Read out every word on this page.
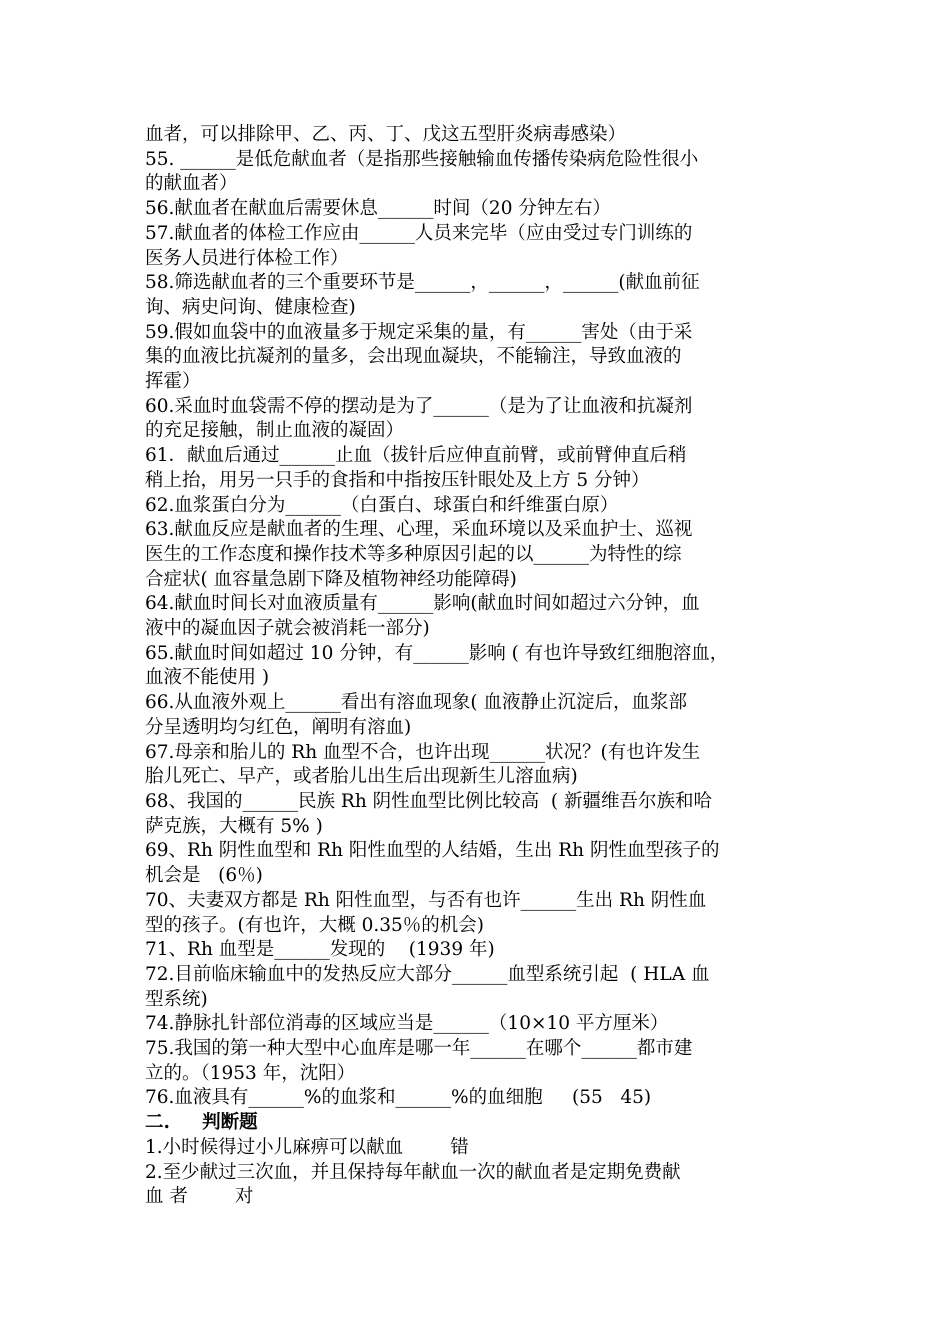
血者，可以排除甲、乙、丙、丁、戊这五型肝炎病毒感染）
55. ______是低危献血者（是指那些接触输血传播传染病危险性很小
的献血者）
56.献血者在献血后需要休息______时间（20 分钟左右）
57.献血者的体检工作应由______人员来完毕（应由受过专门训练的
医务人员进行体检工作）
58.筛选献血者的三个重要环节是______，______，______(献血前征
询、病史问询、健康检查)
59.假如血袋中的血液量多于规定采集的量，有______害处（由于采
集的血液比抗凝剂的量多，会出现血凝块，不能输注，导致血液的
挥霍）
60.采血时血袋需不停的摆动是为了______（是为了让血液和抗凝剂
的充足接触，制止血液的凝固）
61．献血后通过______止血（拔针后应伸直前臂，或前臂伸直后稍
稍上抬，用另一只手的食指和中指按压针眼处及上方 5 分钟）
62.血浆蛋白分为______（白蛋白、球蛋白和纤维蛋白原）
63.献血反应是献血者的生理、心理，采血环境以及采血护士、巡视
医生的工作态度和操作技术等多种原因引起的以______为特性的综
合症状( 血容量急剧下降及植物神经功能障碍)
64.献血时间长对血液质量有______影响(献血时间如超过六分钟，血
液中的凝血因子就会被消耗一部分)
65.献血时间如超过 10 分钟，有______影响 ( 有也许导致红细胞溶血，
血液不能使用 )
66.从血液外观上______看出有溶血现象( 血液静止沉淀后，血浆部
分呈透明均匀红色，阐明有溶血)
67.母亲和胎儿的 Rh 血型不合，也许出现______状况？(有也许发生
胎儿死亡、早产，或者胎儿出生后出现新生儿溶血病)
68、我国的______民族 Rh 阴性血型比例比较高  ( 新疆维吾尔族和哈
萨克族，大概有 5% )
69、Rh 阴性血型和 Rh 阳性血型的人结婚，生出 Rh 阴性血型孩子的
机会是   (6％)
70、夫妻双方都是 Rh 阳性血型，与否有也许______生出 Rh 阴性血
型的孩子。(有也许，大概 0.35％的机会)
71、Rh 血型是______发现的    (1939 年)
72.目前临床输血中的发热反应大部分______血型系统引起  ( HLA 血
型系统)
74.静脉扎针部位消毒的区域应当是______（10×10 平方厘米）
75.我国的第一种大型中心血库是哪一年______在哪个______都市建
立的。（1953 年，沈阳）
76.血液具有______%的血浆和______%的血细胞     (55   45)
二.     判断题
1.小时候得过小儿麻痹可以献血        错
2.至少献过三次血，并且保持每年献血一次的献血者是定期免费献
血 者        对
